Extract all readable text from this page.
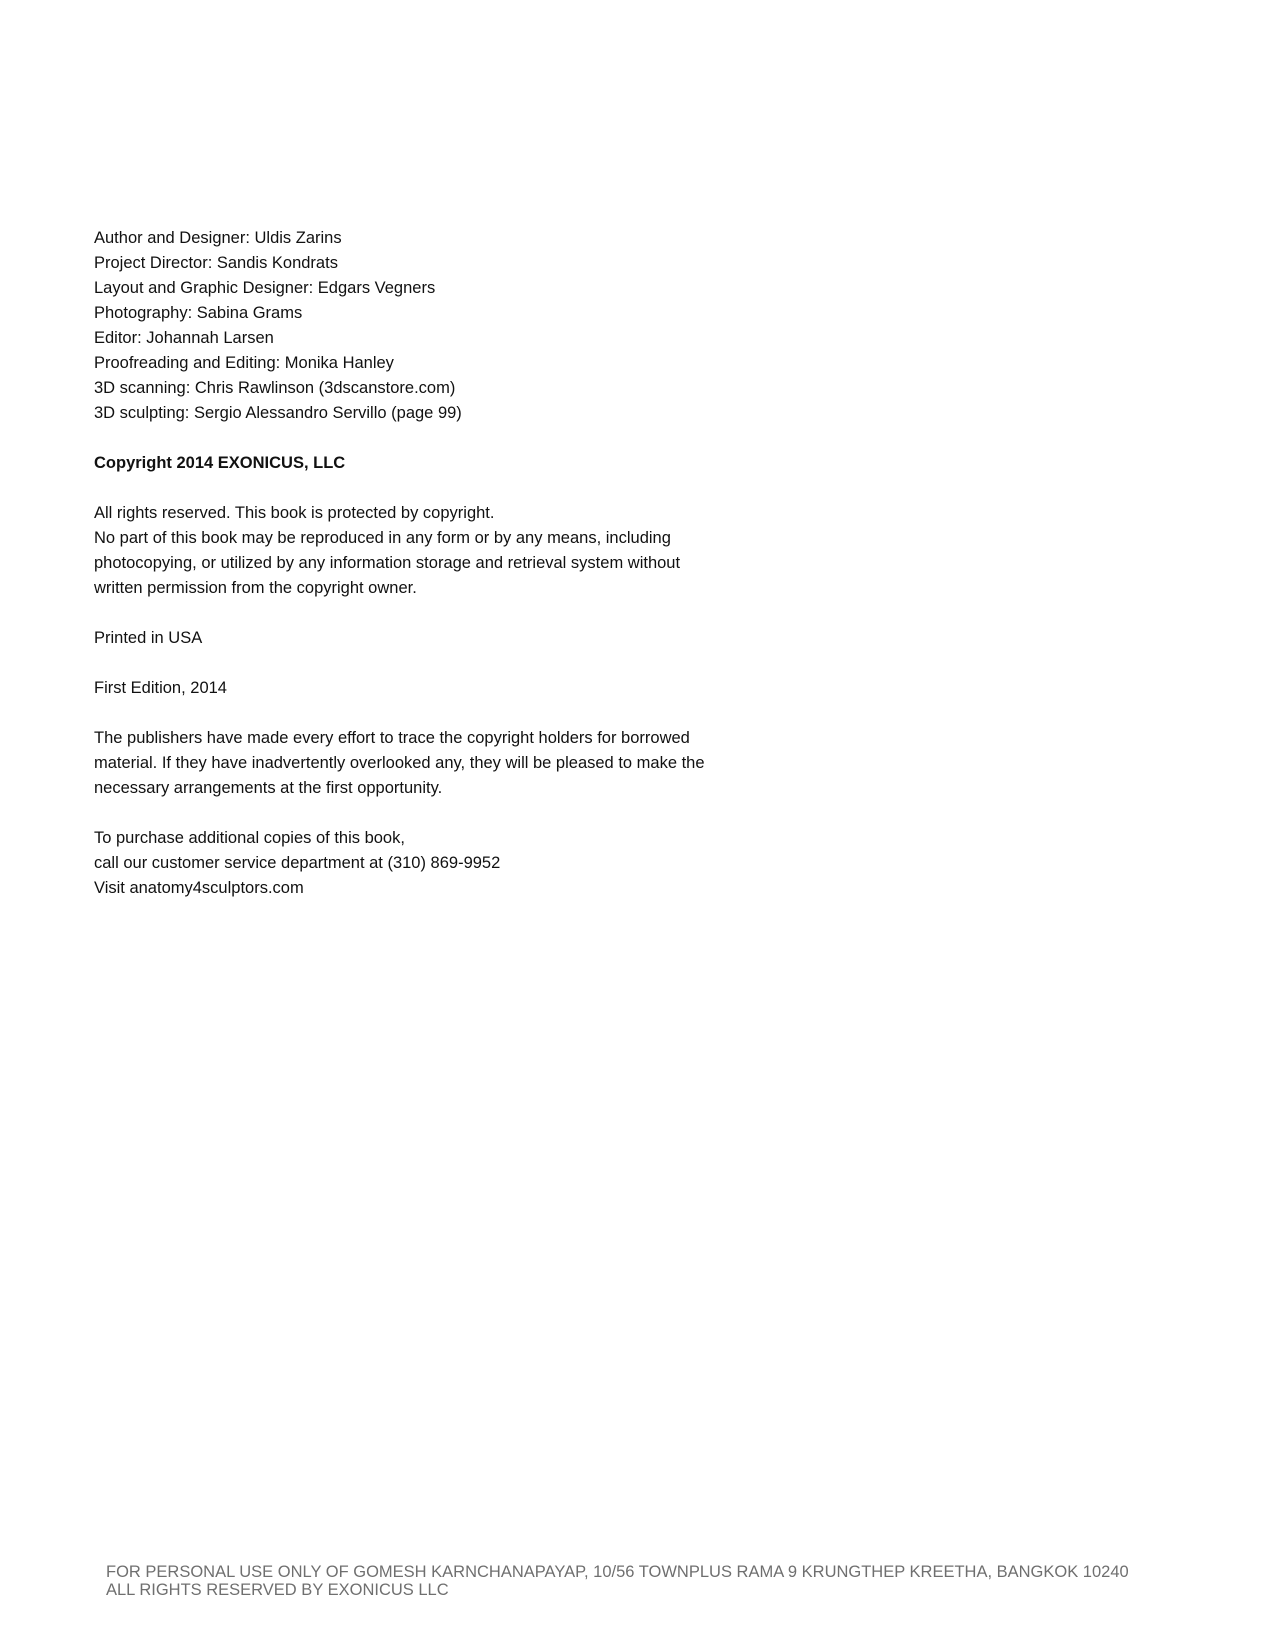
Author and Designer: Uldis Zarins
Project Director: Sandis Kondrats
Layout and Graphic Designer: Edgars Vegners
Photography: Sabina Grams
Editor: Johannah Larsen
Proofreading and Editing: Monika Hanley
3D scanning: Chris Rawlinson (3dscanstore.com)
3D sculpting: Sergio Alessandro Servillo (page 99)
Copyright 2014 EXONICUS, LLC
All rights reserved. This book is protected by copyright.
No part of this book may be reproduced in any form or by any means, including
photocopying, or utilized by any information storage and retrieval system without
written permission from the copyright owner.
Printed in USA
First Edition, 2014
The publishers have made every effort to trace the copyright holders for borrowed
material. If they have inadvertently overlooked any, they will be pleased to make the
necessary arrangements at the first opportunity.
To purchase additional copies of this book,
call our customer service department at (310) 869-9952
Visit anatomy4sculptors.com
FOR PERSONAL USE ONLY OF GOMESH KARNCHANAPAYAP, 10/56 TOWNPLUS RAMA 9 KRUNGTHEP KREETHA, BANGKOK 10240
ALL RIGHTS RESERVED BY EXONICUS LLC
